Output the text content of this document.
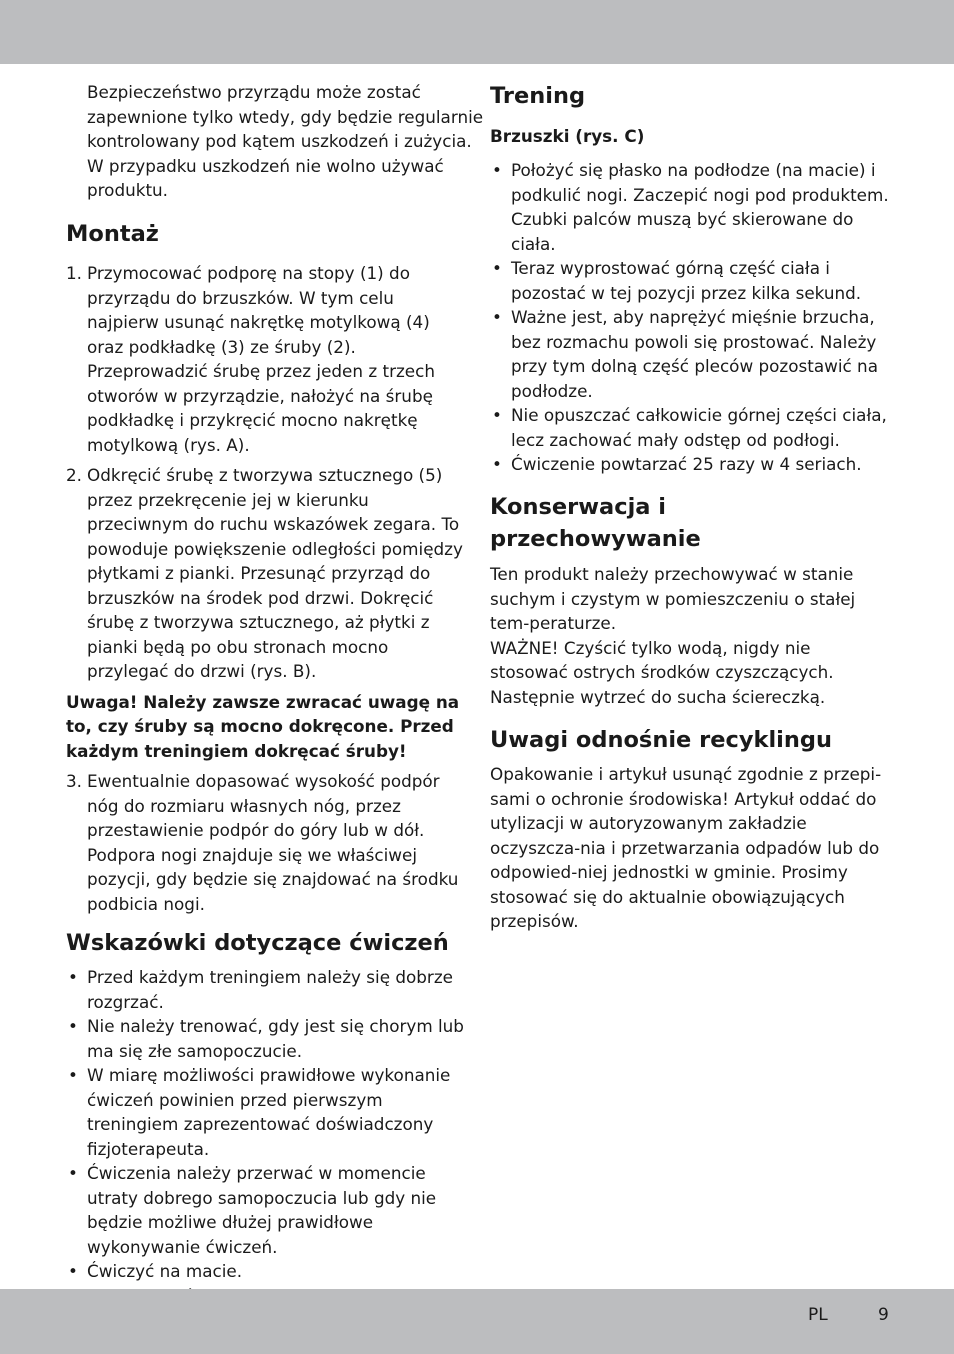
Bezpieczeństwo przyrządu może zostać zapewnione tylko wtedy, gdy będzie regularnie kontrolowany pod kątem uszkodzeń i zużycia. W przypadku uszkodzeń nie wolno używać produktu.

Montaż
1. Przymocować podporę na stopy (1) do przyrządu do brzuszków. W tym celu najpierw usunąć nakrętkę motylkową (4) oraz podkładkę (3) ze śruby (2). Przeprowadzić śrubę przez jeden z trzech otworów w przyrządzie, nałożyć na śrubę podkładkę i przykręcić mocno nakrętkę motylkową (rys. A).
2. Odkręcić śrubę z tworzywa sztucznego (5) przez przekręcenie jej w kierunku przeciwnym do ruchu wskazówek zegara. To powoduje powiększenie odległości pomiędzy płytkami z pianki. Przesunąć przyrząd do brzuszków na środek pod drzwi. Dokręcić śrubę z tworzywa sztucznego, aż płytki z pianki będą po obu stronach mocno przylegać do drzwi (rys. B).

Uwaga! Należy zawsze zwracać uwagę na to, czy śruby są mocno dokręcone. Przed każdym treningiem dokręcać śruby!

3. Ewentualnie dopasować wysokość podpór nóg do rozmiaru własnych nóg, przez przestawienie podpór do góry lub w dół. Podpora nogi znajduje się we właściwej pozycji, gdy będzie się znajdować na środku podbicia nogi.
Wskazówki dotyczące ćwiczeń
• Przed każdym treningiem należy się dobrze rozgrzać.
• Nie należy trenować, gdy jest się chorym lub ma się złe samopoczucie.
• W miarę możliwości prawidłowe wykonanie ćwiczeń powinien przed pierwszym treningiem zaprezentować doświadczony fizjoterapeuta.
• Ćwiczenia należy przerwać w momencie utraty dobrego samopoczucia lub gdy nie będzie możliwe dłużej prawidłowe wykonywanie ćwiczeń.
• Ćwiczyć na macie.
Trening
Brzuszki (rys. C)
• Położyć się płasko na podłodze (na macie) i podkulić nogi. Zaczepić nogi pod produktem. Czubki palców muszą być skierowane do ciała.
• Teraz wyprostować górną część ciała i pozostać w tej pozycji przez kilka sekund.
• Ważne jest, aby naprężyć mięśnie brzucha, bez rozmachu powoli się prostować. Należy przy tym dolną część pleców pozostawić na podłodze.
• Nie opuszczać całkowicie górnej części ciała, lecz zachować mały odstęp od podłogi.
• Ćwiczenie powtarzać 25 razy w 4 seriach.
Konserwacja i
przechowywanie

Ten produkt należy przechowywać w stanie suchym i czystym w pomieszczeniu o stałej tem-peraturze.

WAŻNE! Czyścić tylko wodą, nigdy nie stosować ostrych środków czyszczących. Następnie wytrzeć do sucha ściereczką.

Uwagi odnośnie recyklingu

Opakowanie i artykuł usunąć zgodnie z przepi-sami o ochronie środowiska! Artykuł oddać do utylizacji w autoryzowanym zakładzie oczyszcza-nia i przetwarzania odpadów lub do odpowied-niej jednostki w gminie. Prosimy stosować się do aktualnie obowiązujących przepisów.

PL	9
